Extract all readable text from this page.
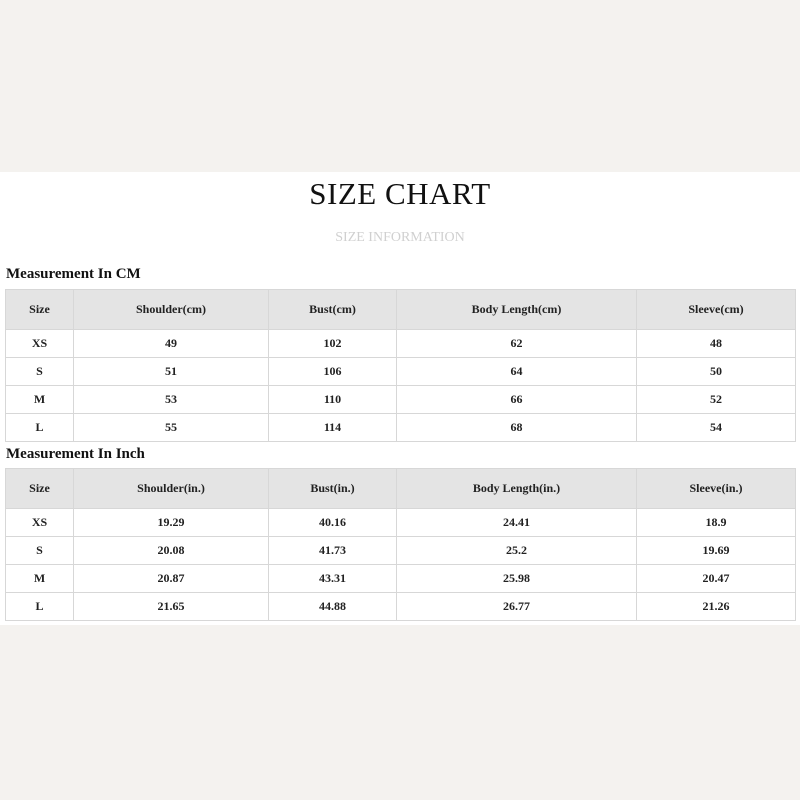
SIZE CHART
SIZE INFORMATION
Measurement In CM
Size	Shoulder(cm)	Bust(cm)	Body Length(cm)	Sleeve(cm)
XS	49	102	62	48
S	51	106	64	50
M	53	110	66	52
L	55	114	68	54
Measurement In Inch
Size	Shoulder(in.)	Bust(in.)	Body Length(in.)	Sleeve(in.)
XS	19.29	40.16	24.41	18.9
S	20.08	41.73	25.2	19.69
M	20.87	43.31	25.98	20.47
L	21.65	44.88	26.77	21.26
